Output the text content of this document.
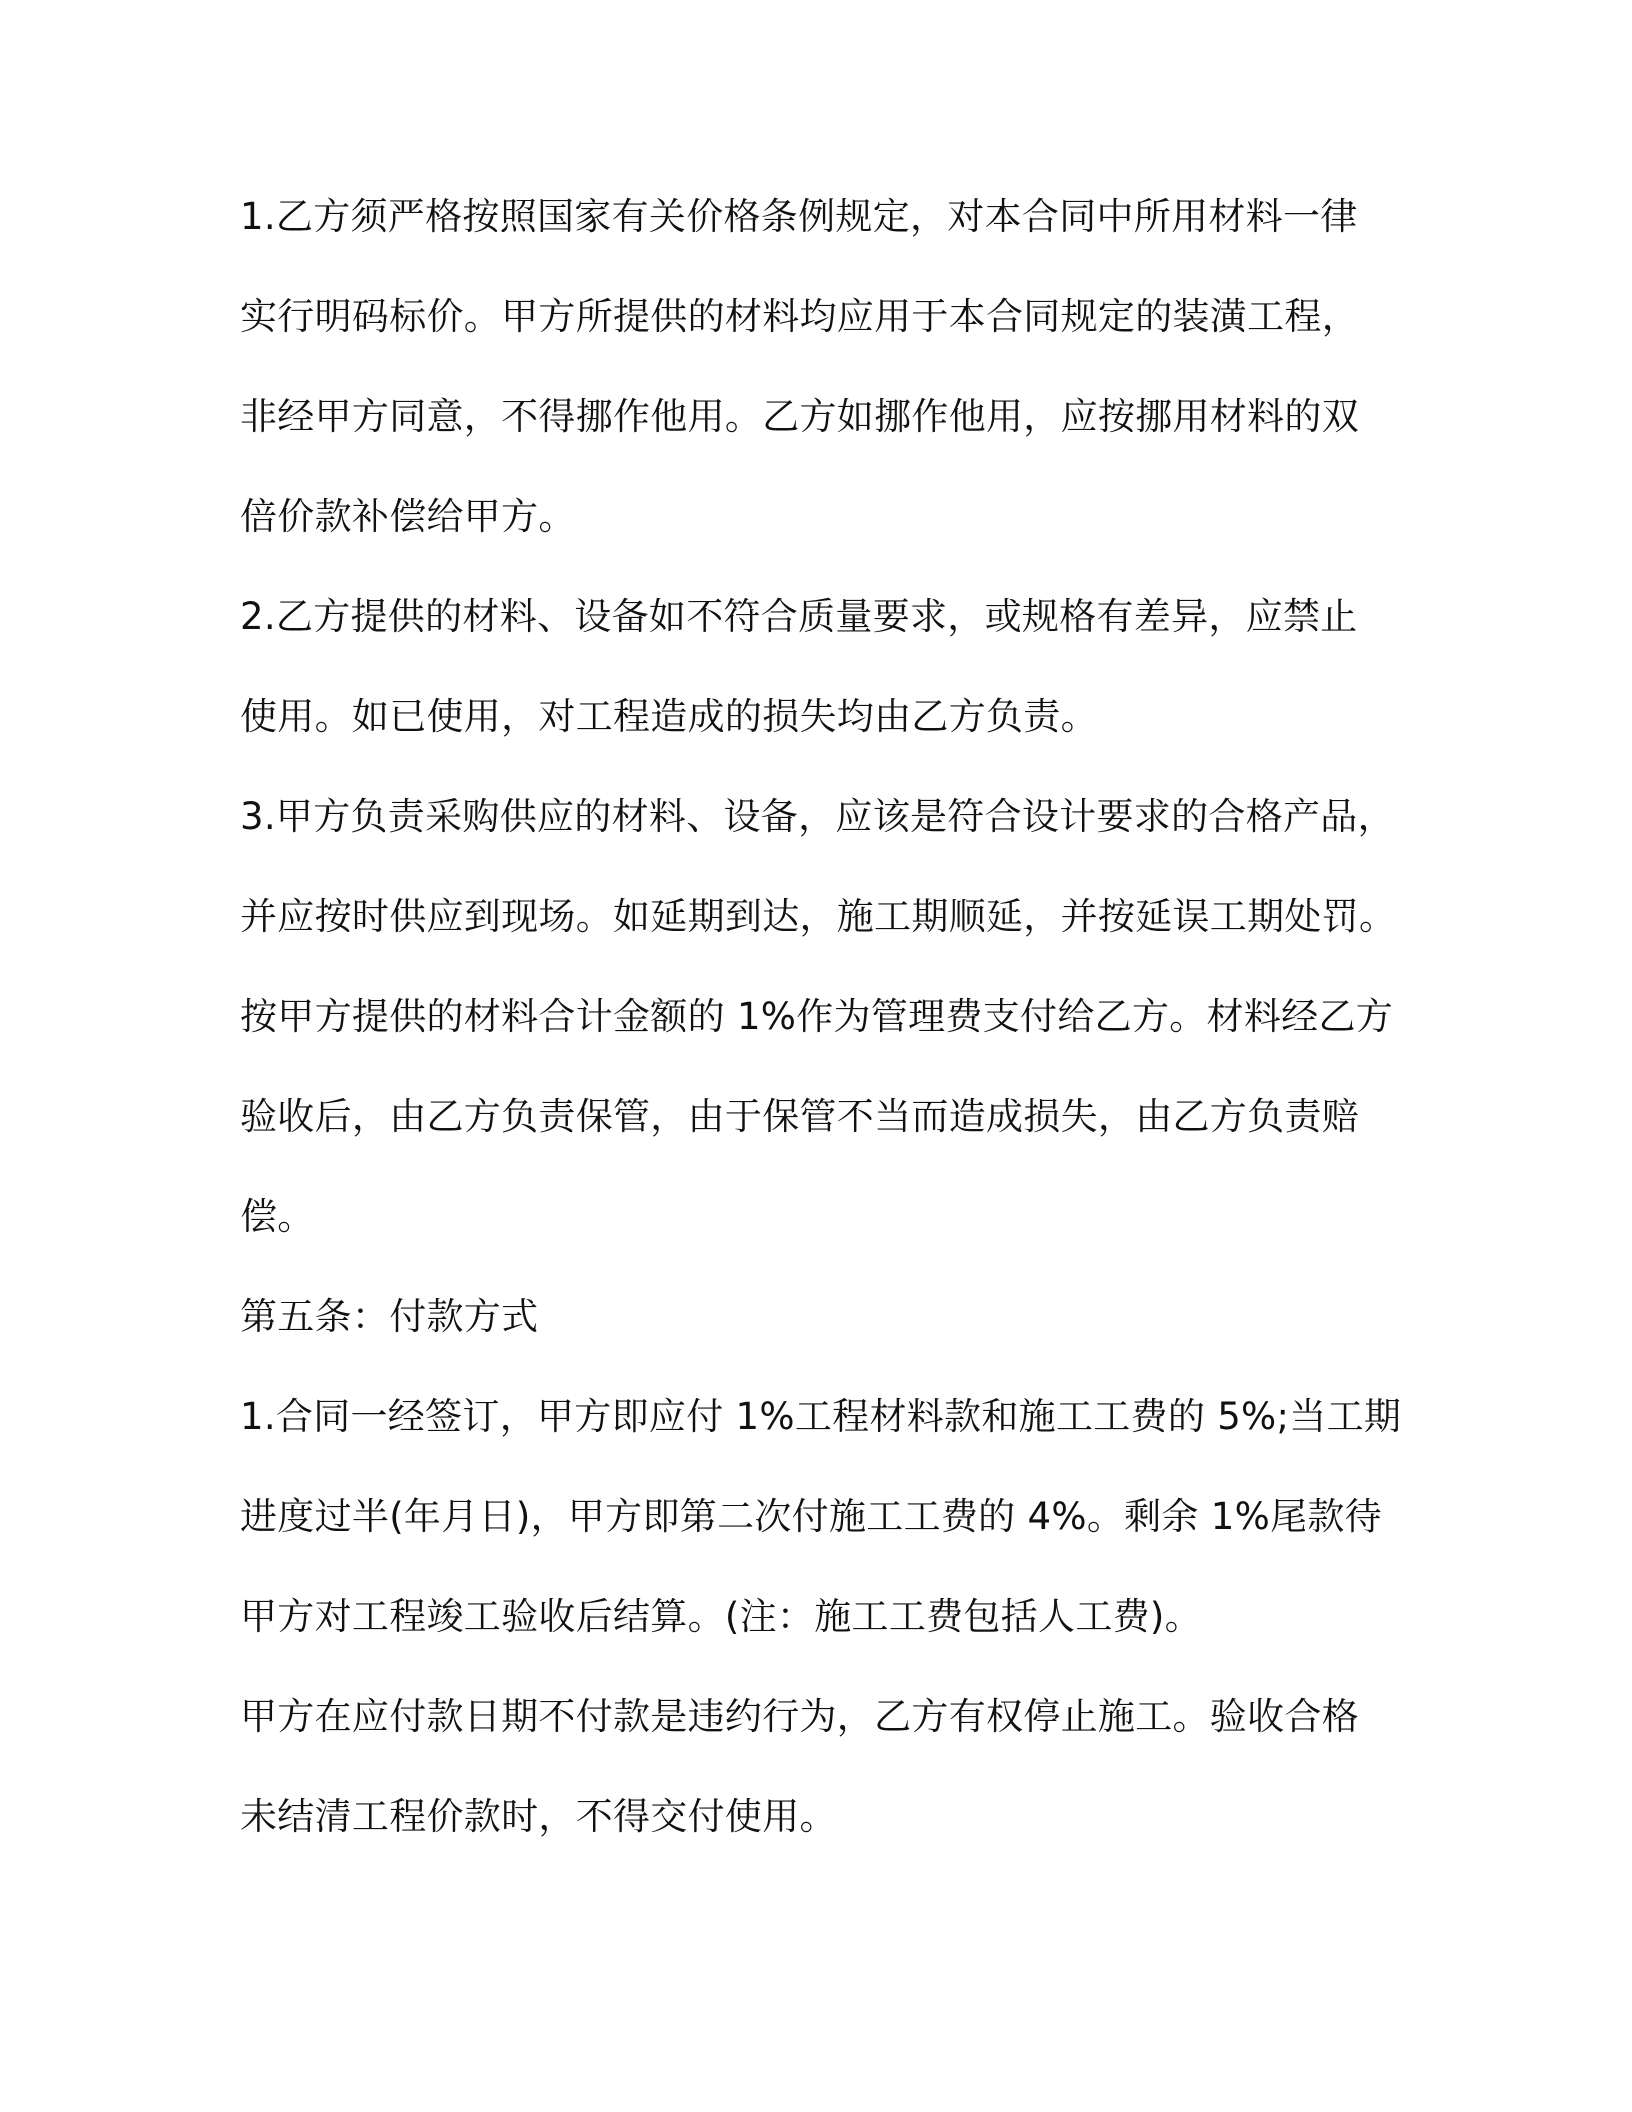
1.乙方须严格按照国家有关价格条例规定，对本合同中所用材料一律
实行明码标价。甲方所提供的材料均应用于本合同规定的装潢工程，
非经甲方同意，不得挪作他用。乙方如挪作他用，应按挪用材料的双
倍价款补偿给甲方。
2.乙方提供的材料、设备如不符合质量要求，或规格有差异，应禁止
使用。如已使用，对工程造成的损失均由乙方负责。
3.甲方负责采购供应的材料、设备，应该是符合设计要求的合格产品，
并应按时供应到现场。如延期到达，施工期顺延，并按延误工期处罚。
按甲方提供的材料合计金额的 1%作为管理费支付给乙方。材料经乙方
验收后，由乙方负责保管，由于保管不当而造成损失，由乙方负责赔
偿。
第五条：付款方式
1.合同一经签订，甲方即应付 1%工程材料款和施工工费的 5%;当工期
进度过半(年月日)，甲方即第二次付施工工费的 4%。剩余 1%尾款待
甲方对工程竣工验收后结算。(注：施工工费包括人工费)。
甲方在应付款日期不付款是违约行为，乙方有权停止施工。验收合格
未结清工程价款时，不得交付使用。
